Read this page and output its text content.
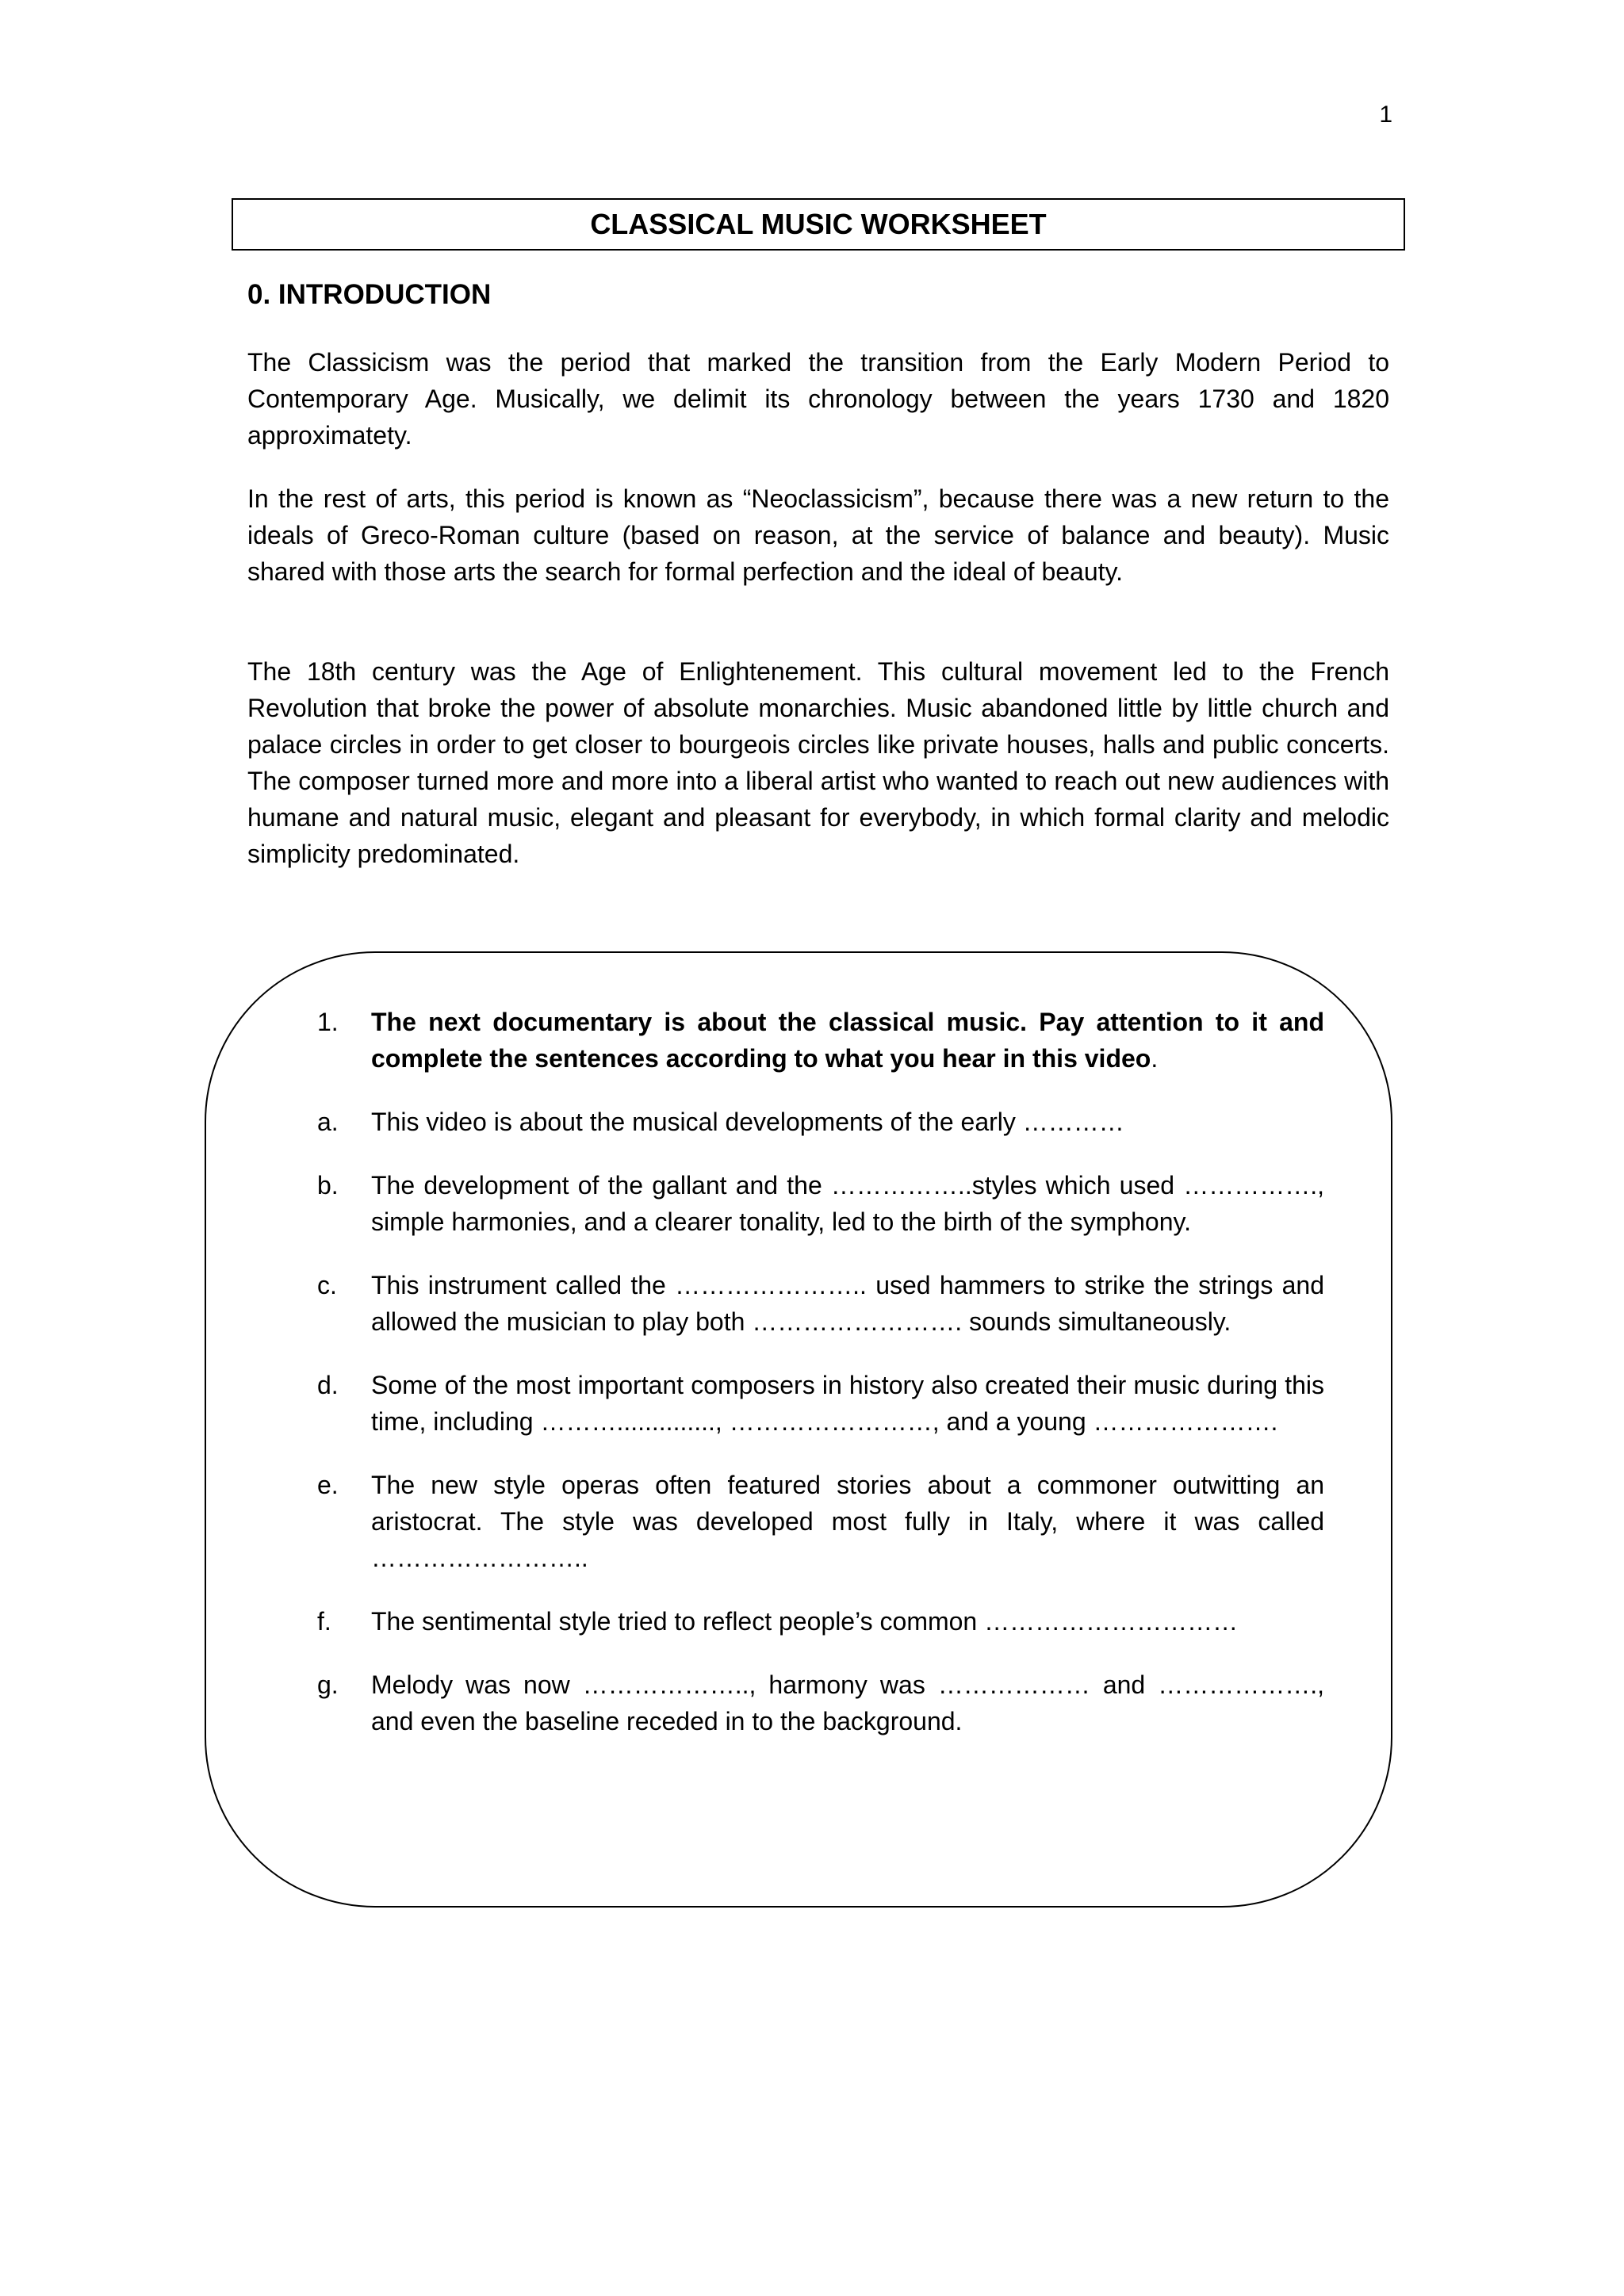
1
CLASSICAL MUSIC WORKSHEET
0. INTRODUCTION

The Classicism was the period that marked the transition from the Early Modern Period to Contemporary Age. Musically, we delimit its chronology between the years 1730 and 1820 approximatety.

In the rest of arts, this period is known as “Neoclassicism”, because there was a new return to the ideals of Greco-Roman culture (based on reason, at the service of balance and beauty). Music shared with those arts the search for formal perfection and the ideal of beauty.

The 18th century was the Age of Enlightenement. This cultural movement led to the French Revolution that broke the power of absolute monarchies. Music abandoned little by little church and palace circles in order to get closer to bourgeois circles like private houses, halls and public concerts. The composer turned more and more into a liberal artist who wanted to reach out new audiences with humane and natural music, elegant and pleasant for everybody, in which formal clarity and melodic simplicity predominated.

1.	The next documentary is about the classical music. Pay attention to it and complete the sentences according to what you hear in this video.
a.	This video is about the musical developments of the early …………
b.	The development of the gallant and the ……………..styles which used ……………., simple harmonies, and a clearer tonality, led to the birth of the symphony.
c.	This instrument called the ………………….. used hammers to strike the strings and allowed the musician to play both ……………………. sounds simultaneously.
d.	Some of the most important composers in history also created their music during this time, including ……….............., ……………………, and a young ………………….
e.	The new style operas often featured stories about a commoner outwitting an aristocrat. The style was developed most fully in Italy, where it was called ……………………..
f.	The sentimental style tried to reflect people’s common …………………………
g.	Melody was now ……………….., harmony was ……………… and ………………., and even the baseline receded in to the background.
